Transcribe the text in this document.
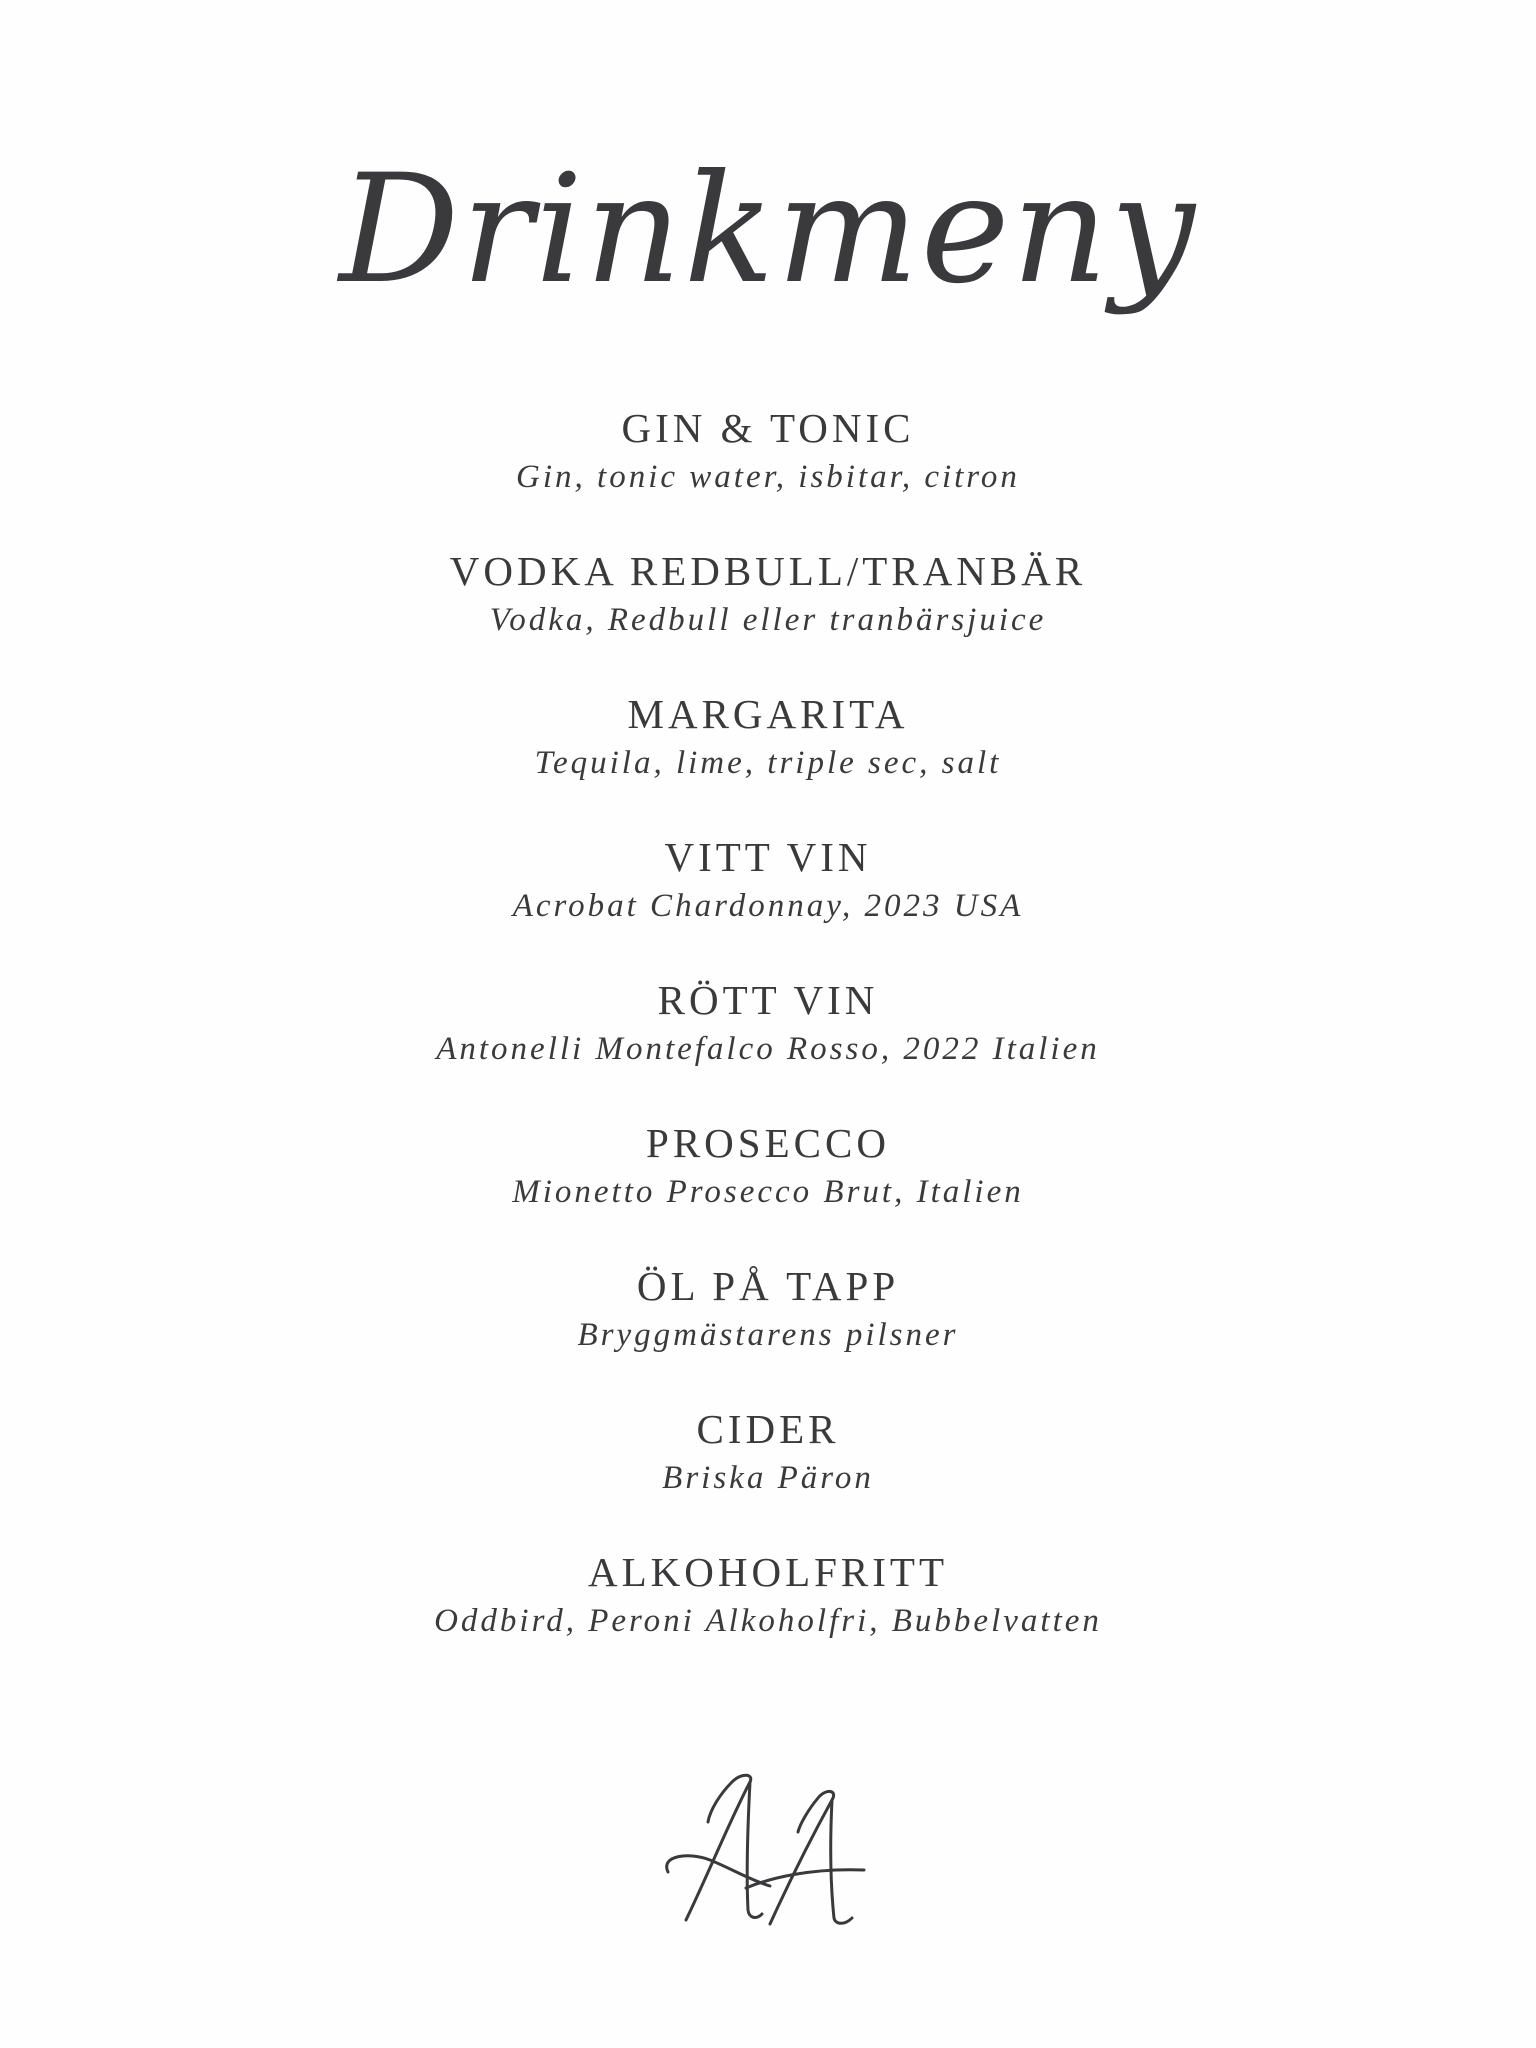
Drinkmeny
GIN & TONIC
Gin, tonic water, isbitar, citron
VODKA REDBULL/TRANBÄR
Vodka, Redbull eller tranbärsjuice
MARGARITA
Tequila, lime, triple sec, salt
VITT VIN
Acrobat Chardonnay, 2023 USA
RÖTT VIN
Antonelli Montefalco Rosso, 2022 Italien
PROSECCO
Mionetto Prosecco Brut, Italien
ÖL PÅ TAPP
Bryggmästarens pilsner
CIDER
Briska Päron
ALKOHOLFRITT
Oddbird, Peroni Alkoholfri, Bubbelvatten
